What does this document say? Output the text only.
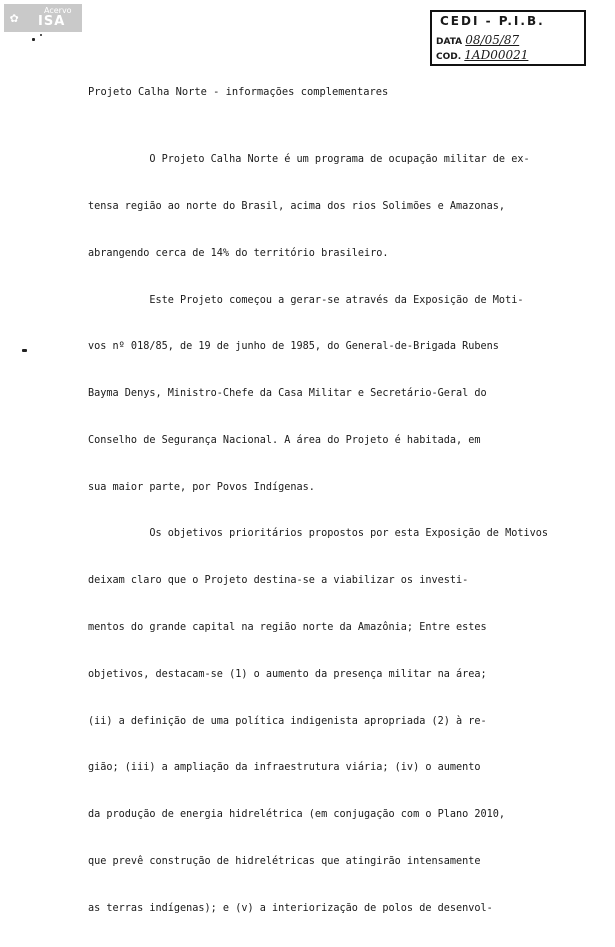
✿	Acervo
ISA	CEDI - P.I.B.
DATA 08/05/87
COD. 1AD00021
Projeto Calha Norte - informações complementares

O Projeto Calha Norte é um programa de ocupação militar de ex-

tensa região ao norte do Brasil, acima dos rios Solimões e Amazonas,

abrangendo cerca de 14% do território brasileiro.

Este Projeto começou a gerar-se através da Exposição de Moti-

vos nº 018/85, de 19 de junho de 1985, do General-de-Brigada Rubens

Bayma Denys, Ministro-Chefe da Casa Militar e Secretário-Geral do

Conselho de Segurança Nacional. A área do Projeto é habitada, em

sua maior parte, por Povos Indígenas.

Os objetivos prioritários propostos por esta Exposição de Motivos

deixam claro que o Projeto destina-se a viabilizar os investi-

mentos do grande capital na região norte da Amazônia; Entre estes

objetivos, destacam-se (1) o aumento da presença militar na área;

(ii) a definição de uma política indigenista apropriada (2) à re-

gião; (iii) a ampliação da infraestrutura viária; (iv) o aumento

da produção de energia hidrelétrica (em conjugação com o Plano 2010,

que prevê construção de hidrelétricas que atingirão intensamente

as terras indígenas); e (v) a interiorização de polos de desenvol-
